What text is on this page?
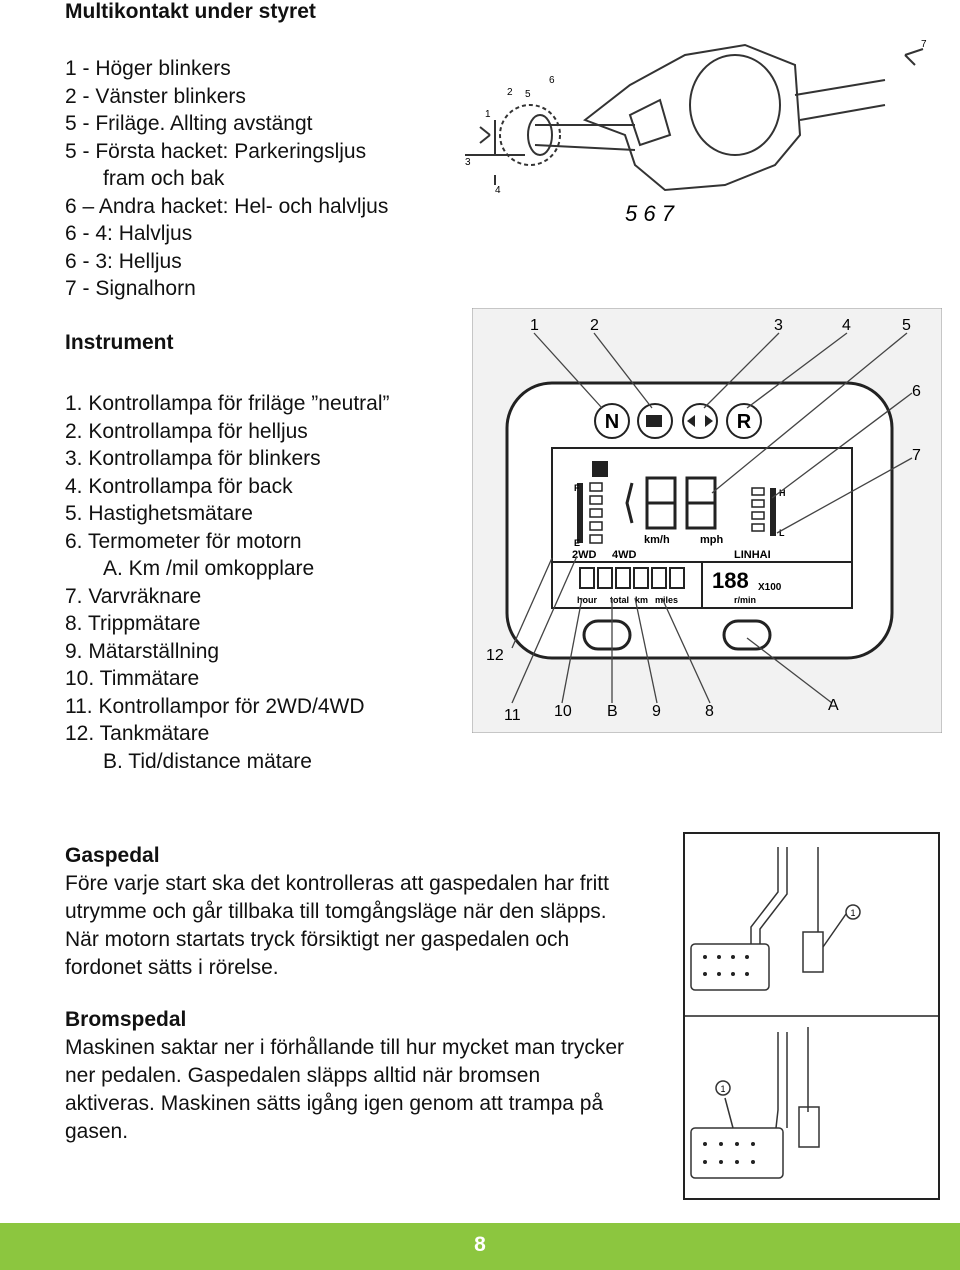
Multikontakt under styret
1 - Höger blinkers
2 - Vänster blinkers
5 - Friläge. Allting avstängt
5 - Första hacket: Parkeringsljus
fram och bak
6 – Andra hacket: Hel- och halvljus
6 - 4: Halvljus
6 - 3: Helljus
7 - Signalhorn
Instrument
1. Kontrollampa för friläge ”neutral”
2. Kontrollampa för helljus
3. Kontrollampa för blinkers
4. Kontrollampa för back
5. Hastighetsmätare
6. Termometer för motorn
A. Km /mil omkopplare
7. Varvräknare
8. Trippmätare
9. Mätarställning
10. Timmätare
11. Kontrollampor för 2WD/4WD
12. Tankmätare
B. Tid/distance mätare
Gaspedal
Före varje start ska det kontrolleras att gaspedalen har fritt utrymme och går tillbaka till tomgångsläge när den släpps. När motorn startats tryck försiktigt ner gaspedalen och fordonet sätts i rörelse.
Bromspedal
Maskinen saktar ner i förhållande till hur mycket man trycker ner pedalen. Gaspedalen släpps alltid när bromsen aktiveras. Maskinen sätts igång igen genom att trampa på gasen.
1
2
3
4
5
6
7
5 6 7
N	R
F
E	km/h	mph
H
L
2WD 4WD	LINHAI
hour total km miles
188 X100
r/min
1	2	3	4	5
6
7
12
11 10 B 9	8	A
1
1
8
